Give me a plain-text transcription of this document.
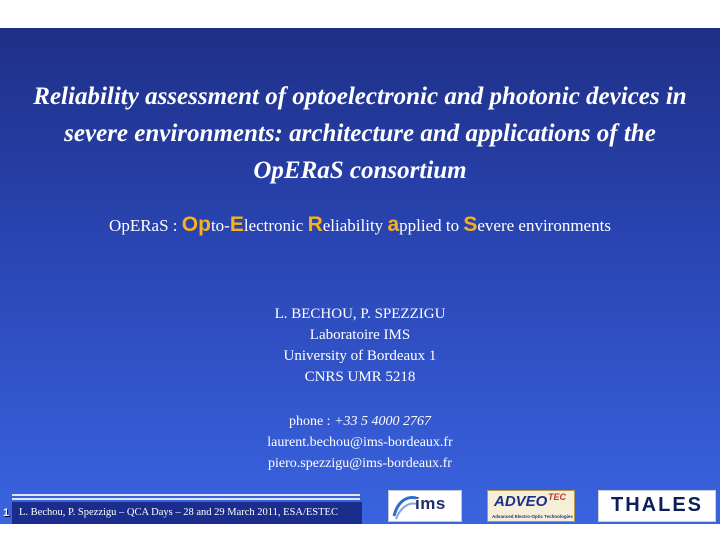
Reliability assessment of optoelectronic and photonic devices in severe environments: architecture and applications of the OpERaS consortium
OpERaS : Opto-Electronic Reliability applied to Severe environments
L. BECHOU, P. SPEZZIGU
Laboratoire IMS
University of Bordeaux 1
CNRS UMR 5218
phone : +33 5 4000 2767
laurent.bechou@ims-bordeaux.fr
piero.spezzigu@ims-bordeaux.fr
1 L. Bechou, P. Spezzigu – QCA Days – 28 and 29 March 2011, ESA/ESTEC	ims	ADVEO TEC
Advanced Electro-Optic Technologies
THALES
